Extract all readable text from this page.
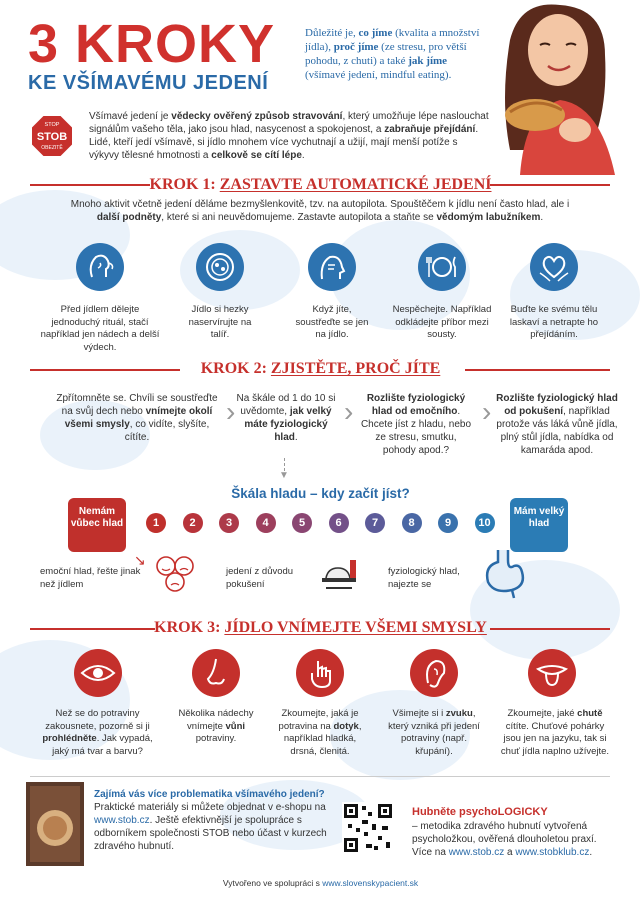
3 KROKY
KE VŠÍMAVÉMU JEDENÍ
Důležité je, co jíme (kvalita a množství jídla), proč jíme (ze stresu, pro větší pohodu, z chuti) a také jak jíme (všímavé jedení, mindful eating).
STOP
STOB
OBEZITĚ
Všímavé jedení je vědecky ověřený způsob stravování, který umožňuje lépe naslouchat signálům vašeho těla, jako jsou hlad, nasycenost a spokojenost, a zabraňuje přejídání. Lidé, kteří jedí všímavě, si jídlo mnohem více vychutnají a užijí, mají menší potíže s výkyvy tělesné hmotnosti a celkově se cítí lépe.
KROK 1: ZASTAVTE AUTOMATICKÉ JEDENÍ
Mnoho aktivit včetně jedení děláme bezmyšlenkovitě, tzv. na autopilota. Spouštěčem k jídlu není často hlad, ale i další podněty, které si ani neuvědomujeme. Zastavte autopilota a staňte se vědomým labužníkem.
Před jídlem dělejte jednoduchý rituál, stačí například jen nádech a delší výdech.
Jídlo si hezky naservírujte na talíř.
Když jíte, soustřeďte se jen na jídlo.
Nespěchejte. Například odkládejte příbor mezi sousty.
Buďte ke svému tělu laskaví a netrapte ho přejídáním.
KROK 2: ZJISTĚTE, PROČ JÍTE
Zpřítomněte se. Chvíli se soustřeďte na svůj dech nebo vnímejte okolí všemi smysly, co vidíte, slyšíte, cítíte.
› Na škále od 1 do 10 si uvědomte, jak velký máte fyziologický hlad.
›	Rozlište fyziologický hlad od emočního. Chcete jíst z hladu, nebo ze stresu, smutku, pohody apod.?
› Rozlište fyziologický hlad od pokušení, například protože vás láká vůně jídla, plný stůl jídla, nabídka od kamaráda apod.
▼
Škála hladu – kdy začít jíst?
Nemám vůbec hlad
Mám velký hlad
1	2	3	4	5	6	7	8	9	10
emoční hlad, řešte jinak než jídlem
jedení z důvodu pokušení
fyziologický hlad, najezte se
↘
KROK 3: JÍDLO VNÍMEJTE VŠEMI SMYSLY
Než se do potraviny zakousnete, pozorně si ji prohlédněte. Jak vypadá, jaký má tvar a barvu?
Několika nádechy vnímejte vůni potraviny.
Zkoumejte, jaká je potravina na dotyk, například hladká, drsná, členitá.
Všimejte si i zvuku, který vzniká při jedení potraviny (např. křupání).
Zkoumejte, jaké chutě cítíte. Chuťové pohárky jsou jen na jazyku, tak si chuť jídla naplno užívejte.
Zajímá vás více problematika všímavého jedení? Praktické materiály si můžete objednat v e-shopu na www.stob.cz. Ještě efektivnější je spolupráce s odborníkem společnosti STOB nebo účast v kurzech zdravého hubnutí.
Hubněte psychoLOGICKY
– metodika zdravého hubnutí vytvořená psycholožkou, ověřená dlouholetou praxí. Více na www.stob.cz a www.stobklub.cz.
Vytvořeno ve spolupráci s www.slovenskypacient.sk
